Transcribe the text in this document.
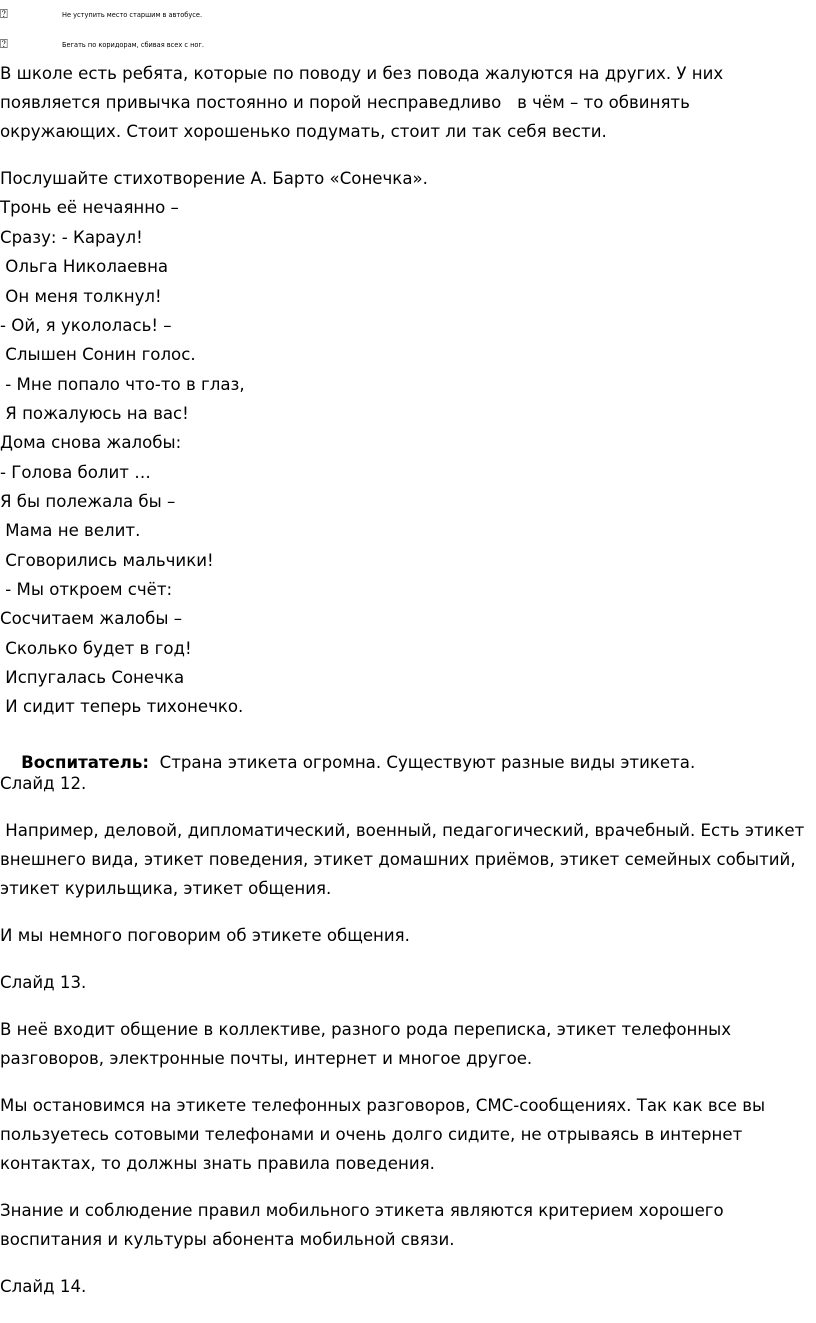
⍰

	Не уступить место старшим в автобусе.

⍰

	Бегать по коридорам, сбивая всех с ног.

В школе есть ребята, которые по поводу и без повода жалуются на других. У них
появляется привычка постоянно и порой несправедливо   в чём – то обвинять
окружающих. Стоит хорошенько подумать, стоит ли так себя вести.
Послушайте стихотворение А. Барто «Сонечка».
Тронь её нечаянно –
Сразу: - Караул!
Ольга Николаевна
Он меня толкнул!
- Ой, я укололась! –
Слышен Сонин голос.
- Мне попало что-то в глаз,
Я пожалуюсь на вас!
Дома снова жалобы:
- Голова болит …
Я бы полежала бы –
Мама не велит.
Сговорились мальчики!
- Мы откроем счёт:
Сосчитаем жалобы –
Сколько будет в год!
Испугалась Сонечка
И сидит теперь тихонечко.

Воспитатель:  Страна этикета огромна. Существуют разные виды этикета.

Слайд 12.
Например, деловой, дипломатический, военный, педагогический, врачебный. Есть этикет
внешнего вида, этикет поведения, этикет домашних приёмов, этикет семейных событий,
этикет курильщика, этикет общения.
И мы немного поговорим об этикете общения.
Слайд 13.
В неё входит общение в коллективе, разного рода переписка, этикет телефонных
разговоров, электронные почты, интернет и многое другое.
Мы остановимся на этикете телефонных разговоров, СМС-сообщениях. Так как все вы
пользуетесь сотовыми телефонами и очень долго сидите, не отрываясь в интернет
контактах, то должны знать правила поведения.
Знание и соблюдение правил мобильного этикета являются критерием хорошего
воспитания и культуры абонента мобильной связи.
Слайд 14.
